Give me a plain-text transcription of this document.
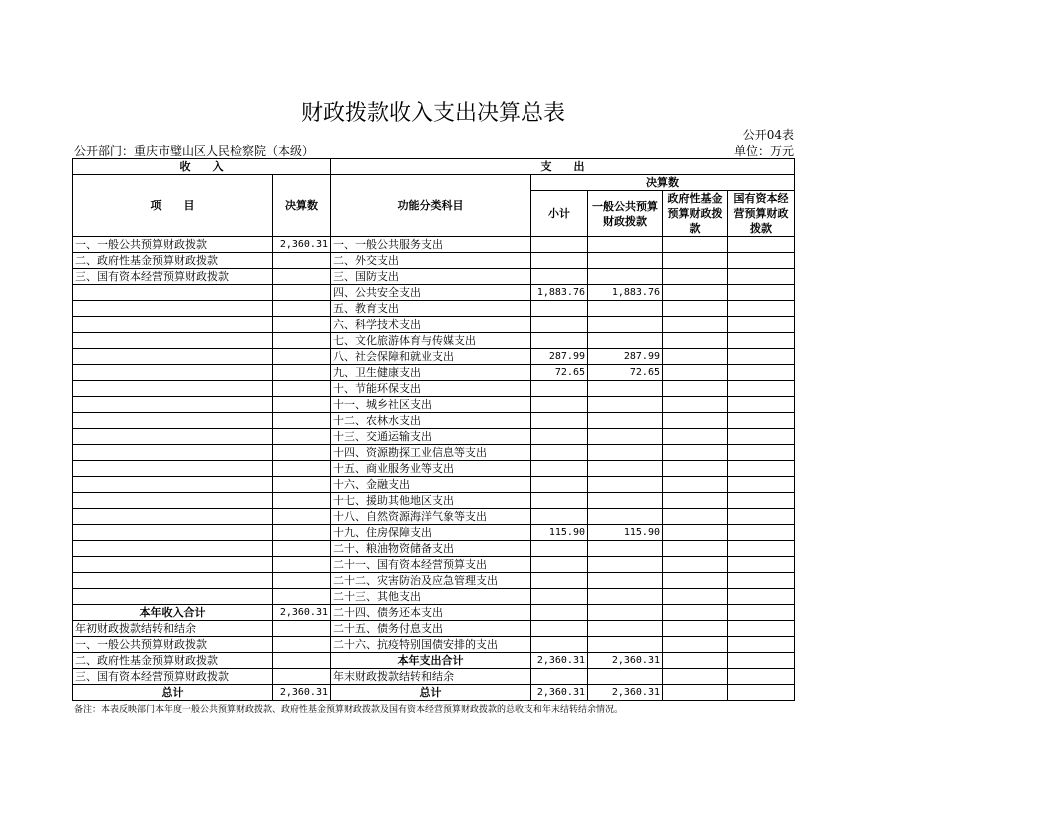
财政拨款收入支出决算总表
公开04表
公开部门：重庆市璧山区人民检察院（本级）	单位：万元
收　　入		支　　出				
项　　目	决算数	功能分类科目	决算数			
			小计	一般公共预算财政拨款	政府性基金预算财政拨款	国有资本经营预算财政拨款

一、一般公共预算财政拨款	2,360.31	一、一般公共服务支出				
二、政府性基金预算财政拨款		二、外交支出				
三、国有资本经营预算财政拨款		三、国防支出				
		四、公共安全支出	1,883.76	1,883.76		
		五、教育支出				
		六、科学技术支出				
		七、文化旅游体育与传媒支出				
		八、社会保障和就业支出	287.99	287.99		
		九、卫生健康支出	72.65	72.65		
		十、节能环保支出				
		十一、城乡社区支出				
		十二、农林水支出				
		十三、交通运输支出				
		十四、资源勘探工业信息等支出				
		十五、商业服务业等支出				
		十六、金融支出				
		十七、援助其他地区支出				
		十八、自然资源海洋气象等支出				
		十九、住房保障支出	115.90	115.90		
		二十、粮油物资储备支出				
		二十一、国有资本经营预算支出				
		二十二、灾害防治及应急管理支出				
		二十三、其他支出				
本年收入合计	2,360.31	二十四、债务还本支出				
年初财政拨款结转和结余		二十五、债务付息支出				
一、一般公共预算财政拨款		二十六、抗疫特别国债安排的支出				
二、政府性基金预算财政拨款		本年支出合计	2,360.31	2,360.31		
三、国有资本经营预算财政拨款		年末财政拨款结转和结余				
总计	2,360.31	总计	2,360.31	2,360.31		
备注：本表反映部门本年度一般公共预算财政拨款、政府性基金预算财政拨款及国有资本经营预算财政拨款的总收支和年末结转结余情况。
